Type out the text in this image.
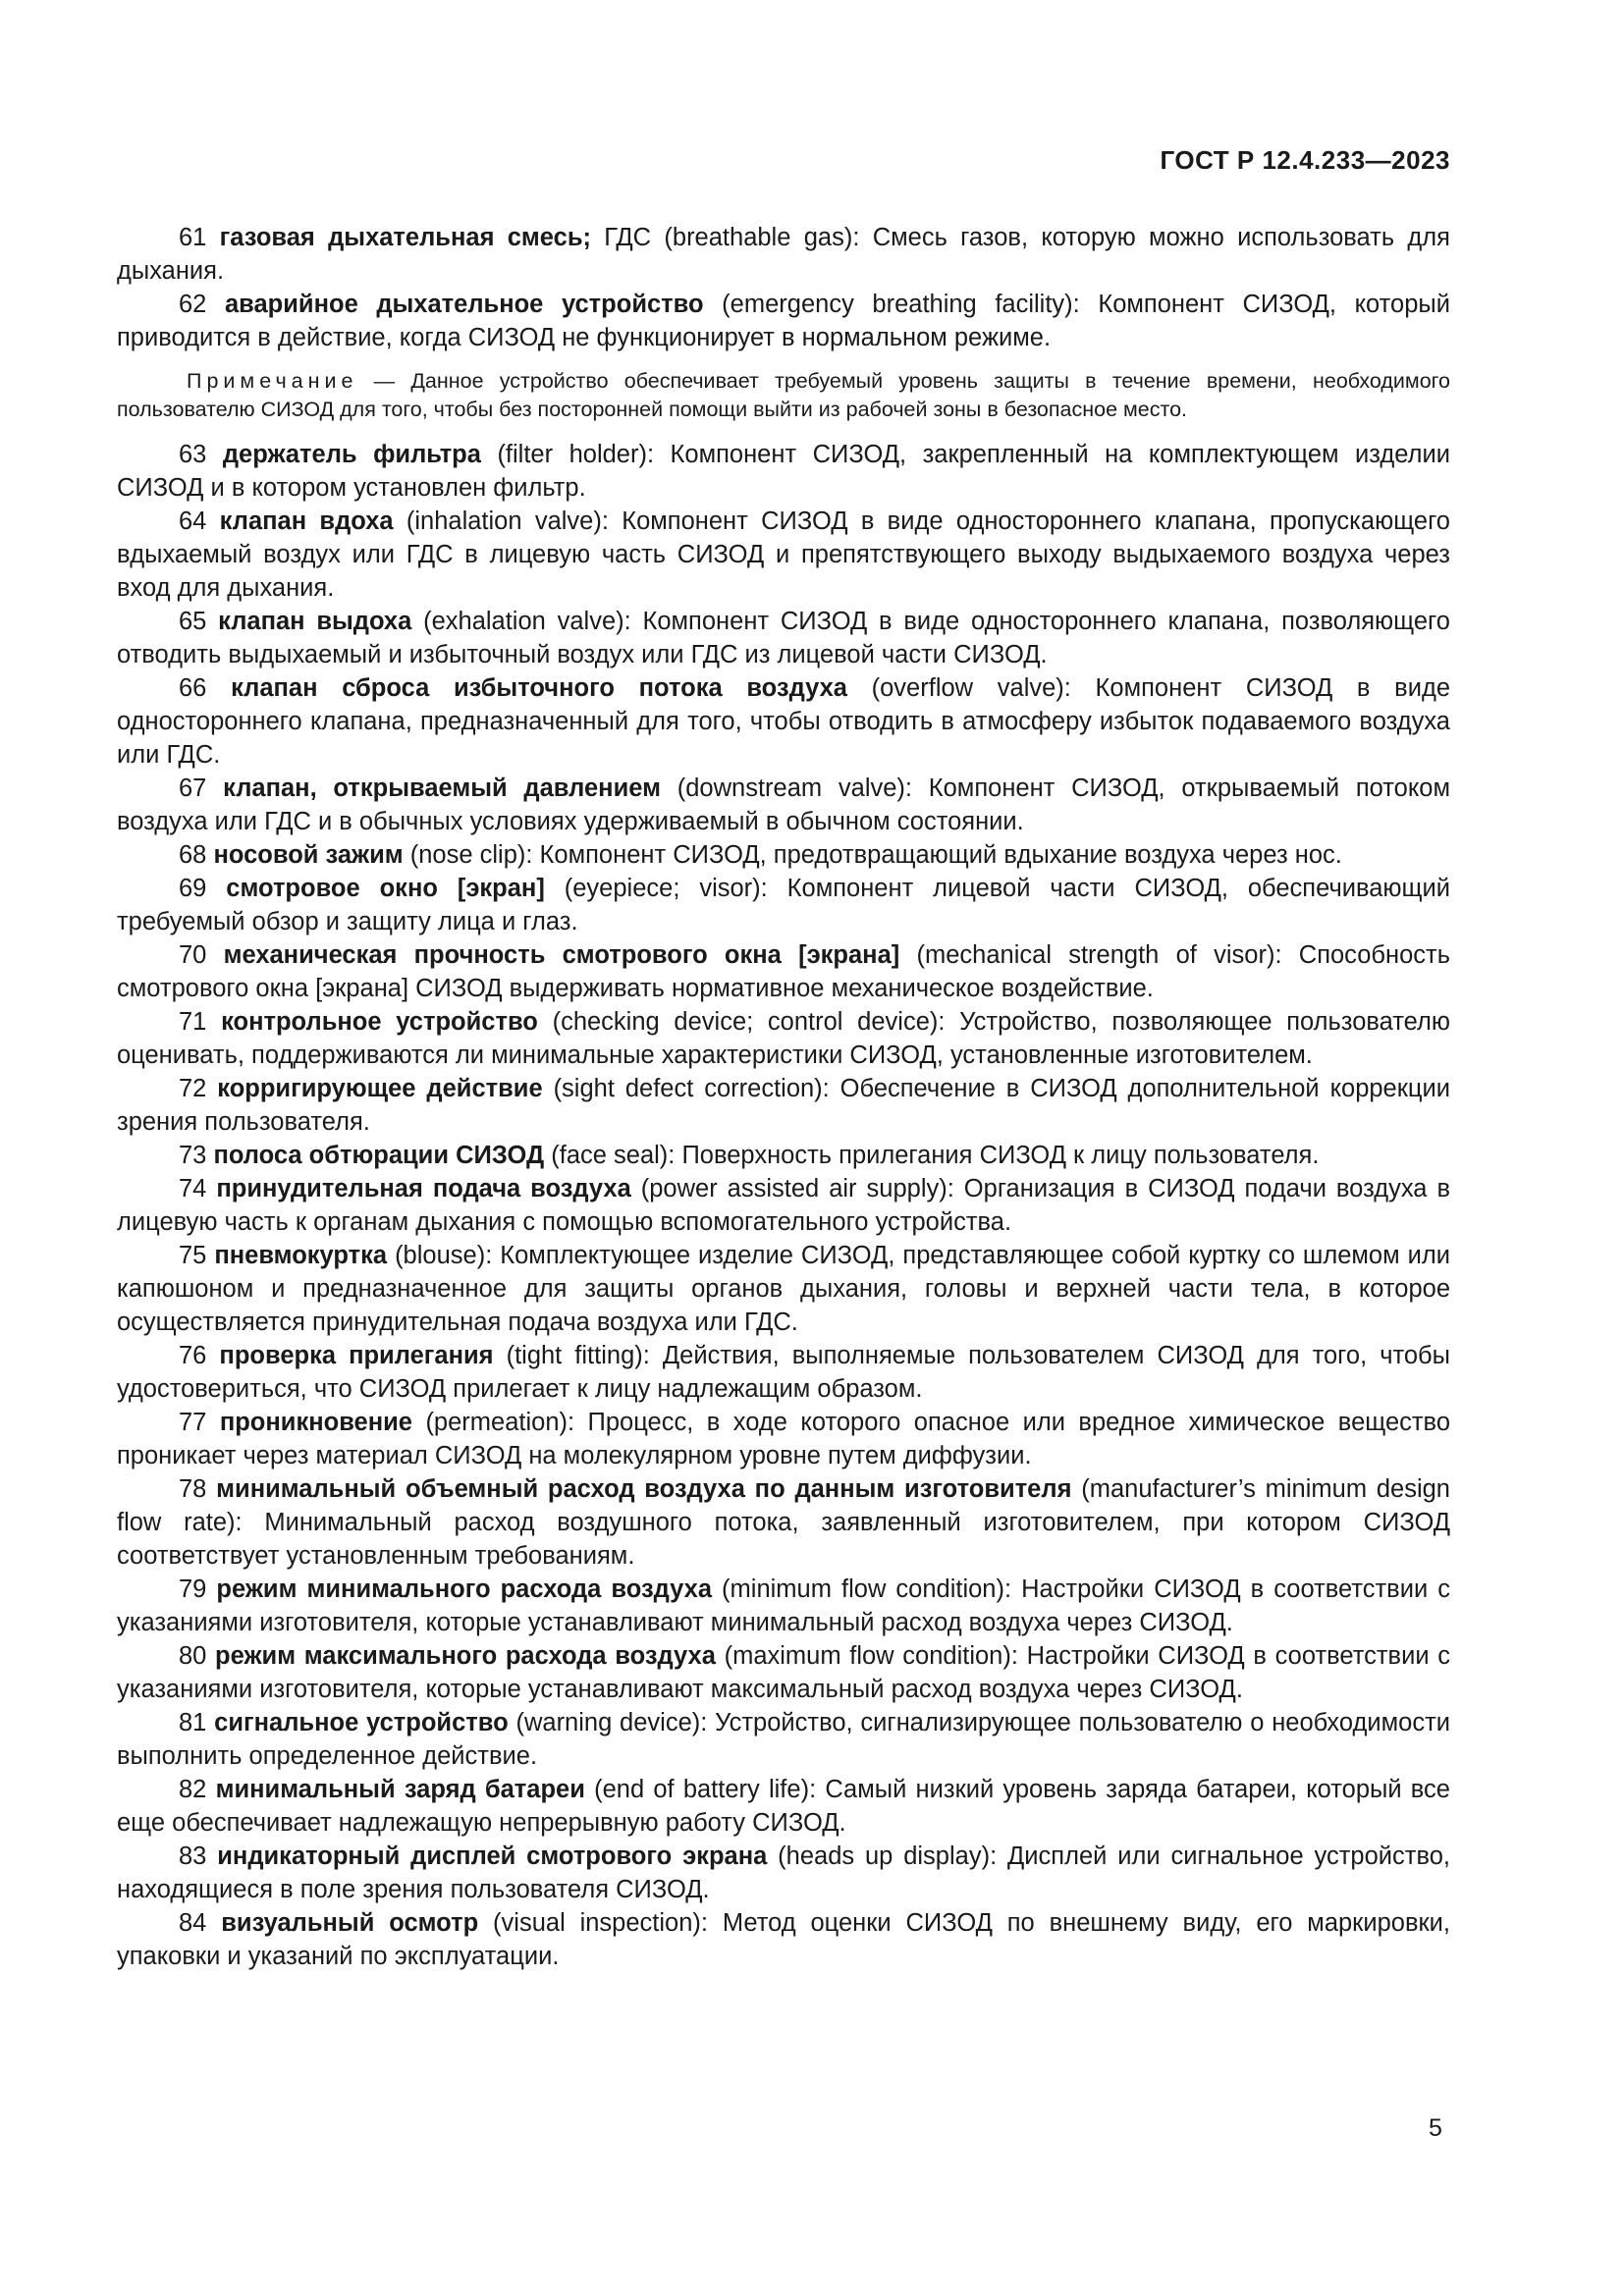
ГОСТ Р 12.4.233—2023

61 газовая дыхательная смесь; ГДС (breathable gas): Смесь газов, которую можно использовать для дыхания.

62 аварийное дыхательное устройство (emergency breathing facility): Компонент СИЗОД, который приводится в действие, когда СИЗОД не функционирует в нормальном режиме.

Примечание — Данное устройство обеспечивает требуемый уровень защиты в течение времени, необходимого пользователю СИЗОД для того, чтобы без посторонней помощи выйти из рабочей зоны в безопасное место.

63 держатель фильтра (filter holder): Компонент СИЗОД, закрепленный на комплектующем изделии СИЗОД и в котором установлен фильтр.

64 клапан вдоха (inhalation valve): Компонент СИЗОД в виде одностороннего клапана, пропускающего вдыхаемый воздух или ГДС в лицевую часть СИЗОД и препятствующего выходу выдыхаемого воздуха через вход для дыхания.

65 клапан выдоха (exhalation valve): Компонент СИЗОД в виде одностороннего клапана, позволяющего отводить выдыхаемый и избыточный воздух или ГДС из лицевой части СИЗОД.

66 клапан сброса избыточного потока воздуха (overflow valve): Компонент СИЗОД в виде одностороннего клапана, предназначенный для того, чтобы отводить в атмосферу избыток подаваемого воздуха или ГДС.

67 клапан, открываемый давлением (downstream valve): Компонент СИЗОД, открываемый потоком воздуха или ГДС и в обычных условиях удерживаемый в обычном состоянии.

68 носовой зажим (nose clip): Компонент СИЗОД, предотвращающий вдыхание воздуха через нос.

69 смотровое окно [экран] (eyepiece; visor): Компонент лицевой части СИЗОД, обеспечивающий требуемый обзор и защиту лица и глаз.

70 механическая прочность смотрового окна [экрана] (mechanical strength of visor): Способность смотрового окна [экрана] СИЗОД выдерживать нормативное механическое воздействие.

71 контрольное устройство (checking device; control device): Устройство, позволяющее пользователю оценивать, поддерживаются ли минимальные характеристики СИЗОД, установленные изготовителем.

72 корригирующее действие (sight defect correction): Обеспечение в СИЗОД дополнительной коррекции зрения пользователя.

73 полоса обтюрации СИЗОД (face seal): Поверхность прилегания СИЗОД к лицу пользователя.

74 принудительная подача воздуха (power assisted air supply): Организация в СИЗОД подачи воздуха в лицевую часть к органам дыхания с помощью вспомогательного устройства.

75 пневмокуртка (blouse): Комплектующее изделие СИЗОД, представляющее собой куртку со шлемом или капюшоном и предназначенное для защиты органов дыхания, головы и верхней части тела, в которое осуществляется принудительная подача воздуха или ГДС.

76 проверка прилегания (tight fitting): Действия, выполняемые пользователем СИЗОД для того, чтобы удостовериться, что СИЗОД прилегает к лицу надлежащим образом.

77 проникновение (permeation): Процесс, в ходе которого опасное или вредное химическое вещество проникает через материал СИЗОД на молекулярном уровне путем диффузии.

78 минимальный объемный расход воздуха по данным изготовителя (manufacturer’s minimum design flow rate): Минимальный расход воздушного потока, заявленный изготовителем, при котором СИЗОД соответствует установленным требованиям.

79 режим минимального расхода воздуха (minimum flow condition): Настройки СИЗОД в соответствии с указаниями изготовителя, которые устанавливают минимальный расход воздуха через СИЗОД.

80 режим максимального расхода воздуха (maximum flow condition): Настройки СИЗОД в соответствии с указаниями изготовителя, которые устанавливают максимальный расход воздуха через СИЗОД.

81 сигнальное устройство (warning device): Устройство, сигнализирующее пользователю о необходимости выполнить определенное действие.

82 минимальный заряд батареи (end of battery life): Самый низкий уровень заряда батареи, который все еще обеспечивает надлежащую непрерывную работу СИЗОД.

83 индикаторный дисплей смотрового экрана (heads up display): Дисплей или сигнальное устройство, находящиеся в поле зрения пользователя СИЗОД.

84 визуальный осмотр (visual inspection): Метод оценки СИЗОД по внешнему виду, его маркировки, упаковки и указаний по эксплуатации.

5
